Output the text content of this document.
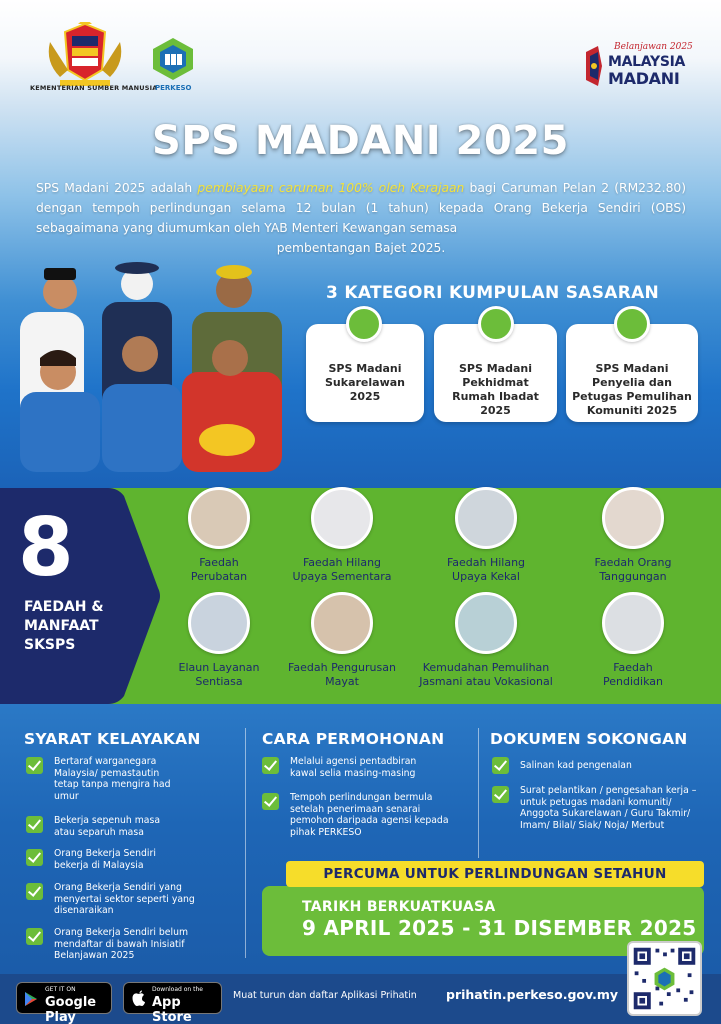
KEMENTERIAN SUMBER MANUSIA
PERKESO
Belanjawan 2025
MALAYSIA
MADANI
SPS MADANI 2025

SPS Madani 2025 adalah pembiayaan caruman 100% oleh Kerajaan bagi Caruman Pelan 2 (RM232.80) dengan tempoh perlindungan selama 12 bulan (1 tahun) kepada Orang Bekerja Sendiri (OBS) sebagaimana yang diumumkan oleh YAB Menteri Kewangan semasa
pembentangan Bajet 2025.

3 KATEGORI KUMPULAN SASARAN
SPS Madani Sukarelawan 2025
SPS Madani Pekhidmat Rumah Ibadat 2025
SPS Madani Penyelia dan Petugas Pemulihan Komuniti 2025
8
FAEDAH &
MANFAAT
SKSPS
Faedah
Perubatan
Faedah Hilang
Upaya Sementara
Faedah Hilang
Upaya Kekal
Faedah Orang
Tanggungan
Elaun Layanan
Sentiasa
Faedah Pengurusan
Mayat
Kemudahan Pemulihan
Jasmani atau Vokasional
Faedah
Pendidikan
SYARAT KELAYAKAN	CARA PERMOHONAN	DOKUMEN SOKONGAN
Bertaraf warganegara Malaysia/ pemastautin tetap tanpa mengira had umur
Bekerja sepenuh masa atau separuh masa
Orang Bekerja Sendiri bekerja di Malaysia
Orang Bekerja Sendiri yang menyertai sektor seperti yang disenaraikan
Orang Bekerja Sendiri belum mendaftar di bawah Inisiatif Belanjawan 2025
Melalui agensi pentadbiran kawal selia masing-masing
Tempoh perlindungan bermula setelah penerimaan senarai pemohon daripada agensi kepada pihak PERKESO
Salinan kad pengenalan
Surat pelantikan / pengesahan kerja – untuk petugas madani komuniti/ Anggota Sukarelawan / Guru Takmir/ Imam/ Bilal/ Siak/ Noja/ Merbut
PERCUMA UNTUK PERLINDUNGAN SETAHUN
TARIKH BERKUATKUASA
9 APRIL 2025 - 31 DISEMBER 2025
GET IT ON
Google Play
Download on the
App Store
Muat turun dan daftar Aplikasi Prihatin prihatin.perkeso.gov.my
